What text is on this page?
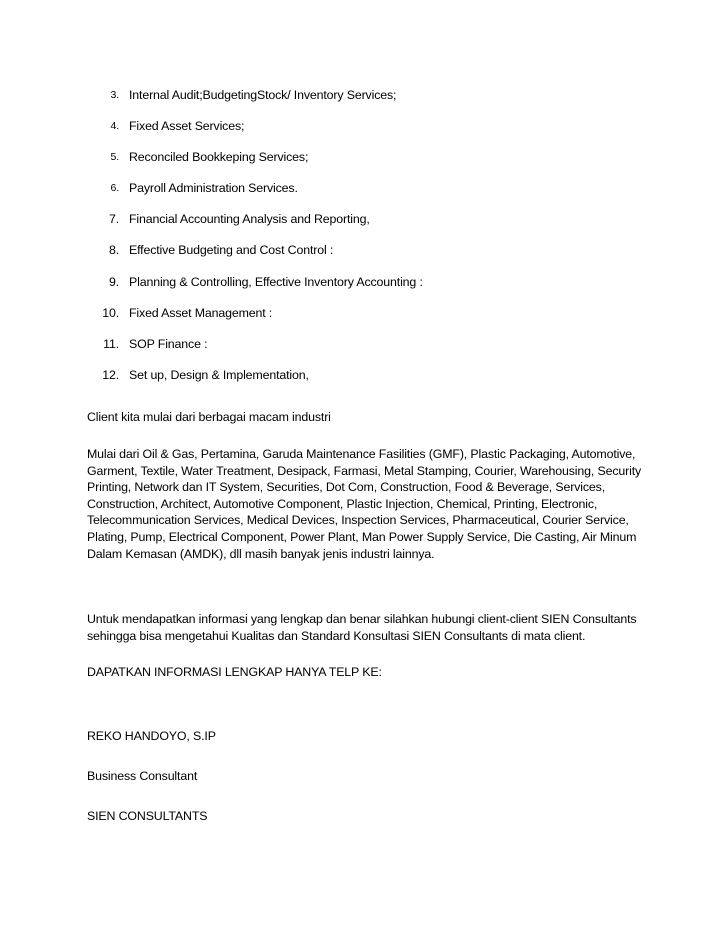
3. Internal Audit;BudgetingStock/ Inventory Services;
4. Fixed Asset Services;
5. Reconciled Bookkeping Services;
6. Payroll Administration Services.
7. Financial Accounting Analysis and Reporting,
8. Effective Budgeting and Cost Control :
9. Planning & Controlling, Effective Inventory Accounting :
10. Fixed Asset Management :
11. SOP Finance :
12. Set up, Design & Implementation,

Client kita mulai dari berbagai macam industri

Mulai dari Oil & Gas, Pertamina, Garuda Maintenance Fasilities (GMF), Plastic Packaging, Automotive,
Garment, Textile, Water Treatment, Desipack, Farmasi, Metal Stamping, Courier, Warehousing, Security
Printing, Network dan IT System, Securities, Dot Com, Construction, Food & Beverage, Services,
Construction, Architect, Automotive Component, Plastic Injection, Chemical, Printing, Electronic,
Telecommunication Services, Medical Devices, Inspection Services, Pharmaceutical, Courier Service,
Plating, Pump, Electrical Component, Power Plant, Man Power Supply Service, Die Casting, Air Minum
Dalam Kemasan (AMDK), dll masih banyak jenis industri lainnya.

Untuk mendapatkan informasi yang lengkap dan benar silahkan hubungi client-client SIEN Consultants
sehingga bisa mengetahui Kualitas dan Standard Konsultasi SIEN Consultants di mata client.

DAPATKAN INFORMASI LENGKAP HANYA TELP KE:

REKO HANDOYO, S.IP

Business Consultant

SIEN CONSULTANTS
